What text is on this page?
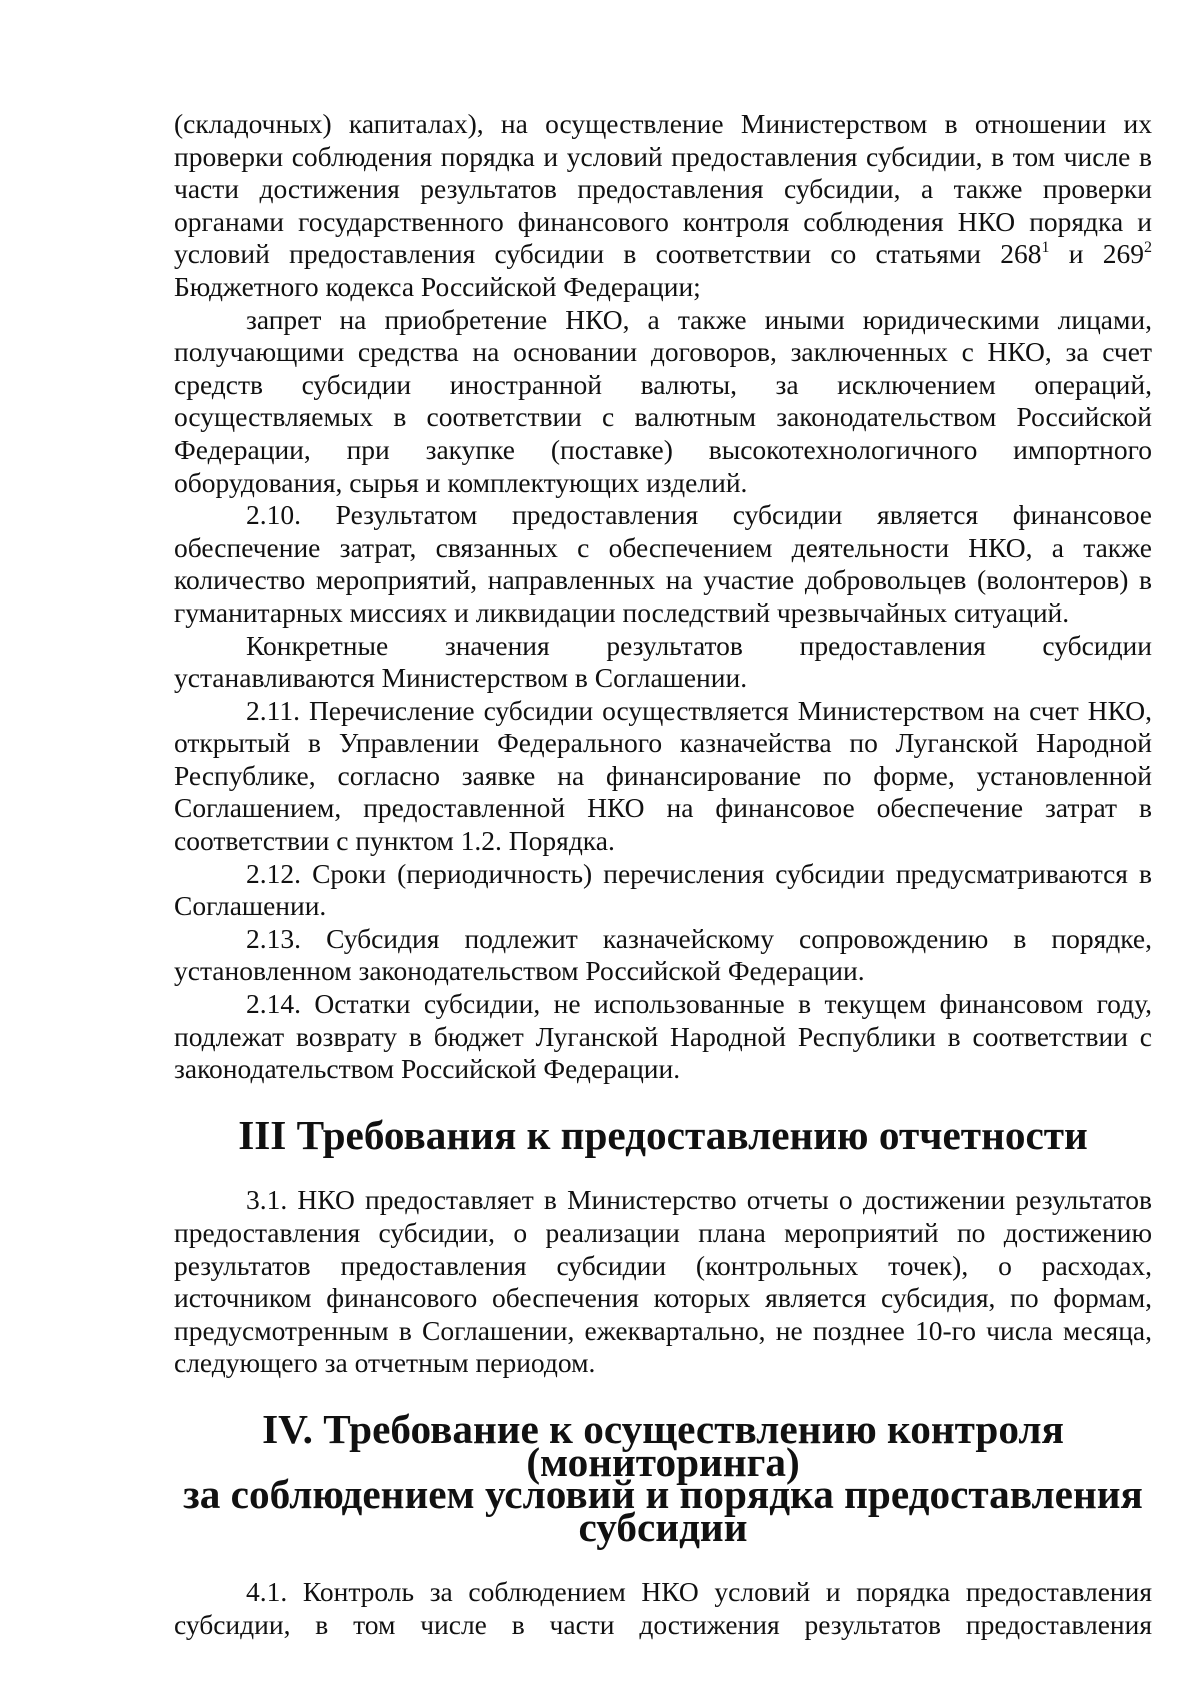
(складочных) капиталах), на осуществление Министерством в отношении их проверки соблюдения порядка и условий предоставления субсидии, в том числе в части достижения результатов предоставления субсидии, а также проверки органами государственного финансового контроля соблюдения НКО порядка и условий предоставления субсидии в соответствии со статьями $268^1$ и $269^2$ Бюджетного кодекса Российской Федерации;

запрет на приобретение НКО, а также иными юридическими лицами, получающими средства на основании договоров, заключенных с НКО, за счет средств субсидии иностранной валюты, за исключением операций, осуществляемых в соответствии с валютным законодательством Российской Федерации, при закупке (поставке) высокотехнологичного импортного оборудования, сырья и комплектующих изделий.

2.10. Результатом предоставления субсидии является финансовое обеспечение затрат, связанных с обеспечением деятельности НКО, а также количество мероприятий, направленных на участие добровольцев (волонтеров) в гуманитарных миссиях и ликвидации последствий чрезвычайных ситуаций.

Конкретные значения результатов предоставления субсидии устанавливаются Министерством в Соглашении.

2.11. Перечисление субсидии осуществляется Министерством на счет НКО, открытый в Управлении Федерального казначейства по Луганской Народной Республике, согласно заявке на финансирование по форме, установленной Соглашением, предоставленной НКО на финансовое обеспечение затрат в соответствии с пунктом 1.2. Порядка.

2.12. Сроки (периодичность) перечисления субсидии предусматриваются в Соглашении.

2.13. Субсидия подлежит казначейскому сопровождению в порядке, установленном законодательством Российской Федерации.

2.14. Остатки субсидии, не использованные в текущем финансовом году, подлежат возврату в бюджет Луганской Народной Республики в соответствии с законодательством Российской Федерации.

III Требования к предоставлению отчетности

3.1. НКО предоставляет в Министерство отчеты о достижении результатов предоставления субсидии, о реализации плана мероприятий по достижению результатов предоставления субсидии (контрольных точек), о расходах, источником финансового обеспечения которых является субсидия, по формам, предусмотренным в Соглашении, ежеквартально, не позднее 10-го числа месяца, следующего за отчетным периодом.

IV. Требование к осуществлению контроля (мониторинга)
за соблюдением условий и порядка предоставления субсидии

4.1. Контроль за соблюдением НКО условий и порядка предоставления субсидии, в том числе в части достижения результатов предоставления
